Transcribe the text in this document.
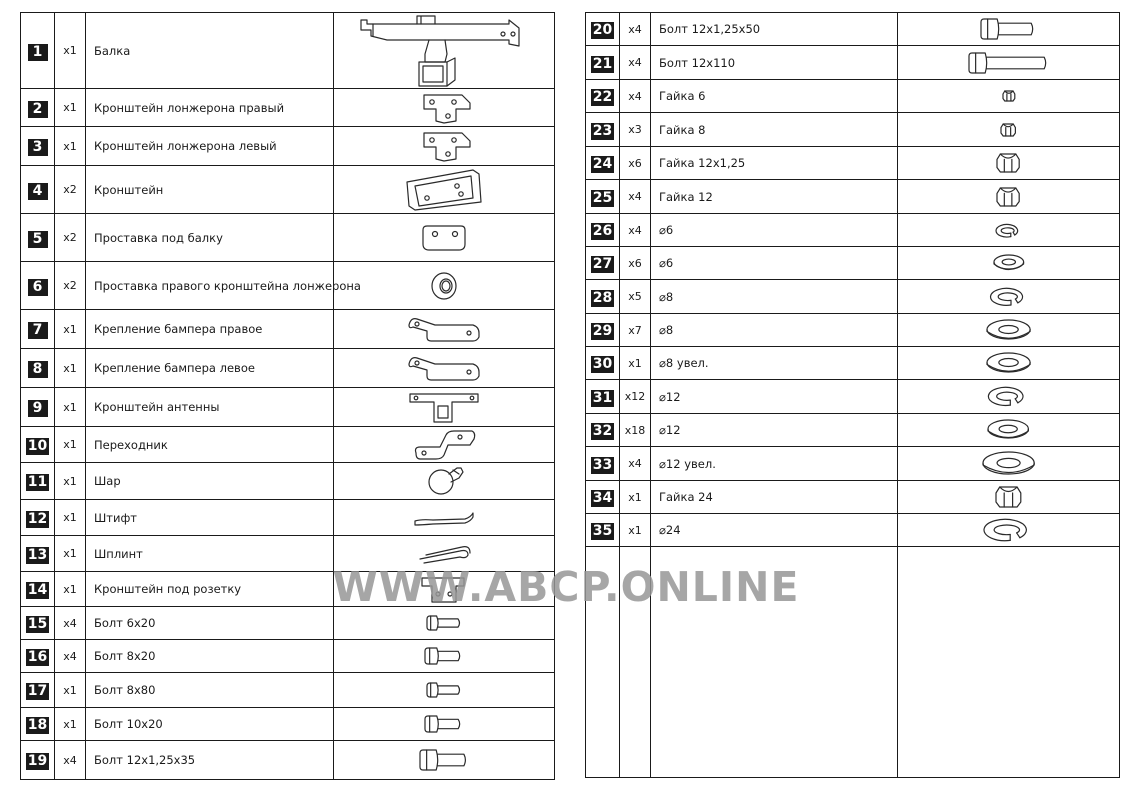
1	x1	Балка	

2	x1	Кронштейн лонжерона правый	

3	x1	Кронштейн лонжерона левый	

4	x2	Кронштейн	

5	x2	Проставка под балку	

6	x2	Проставка правого кронштейна лонжерона	

7	x1	Крепление бампера правое	

8	x1	Крепление бампера левое	

9	x1	Кронштейн антенны	

10	x1	Переходник	

11	x1	Шар	

12	x1	Штифт	

13	x1	Шплинт	

14	x1	Кронштейн под розетку	

15	x4	Болт 6x20	

16	x4	Болт 8x20	

17	x1	Болт 8x80	

18	x1	Болт 10x20	

19	x4	Болт 12x1,25x35	
20	x4	Болт 12x1,25x50	

21	x4	Болт 12x110	

22	x4	Гайка 6	

23	x3	Гайка 8	

24	x6	Гайка 12x1,25	

25	x4	Гайка 12	

26	x4	⌀6	

27	x6	⌀6	

28	x5	⌀8	

29	x7	⌀8	

30	x1	⌀8 увел.	

31	x12	⌀12	

32	x18	⌀12	

33	x4	⌀12 увел.	

34	x1	Гайка 24	

35	x1	⌀24	

WWW.ABCP.ONLINE
